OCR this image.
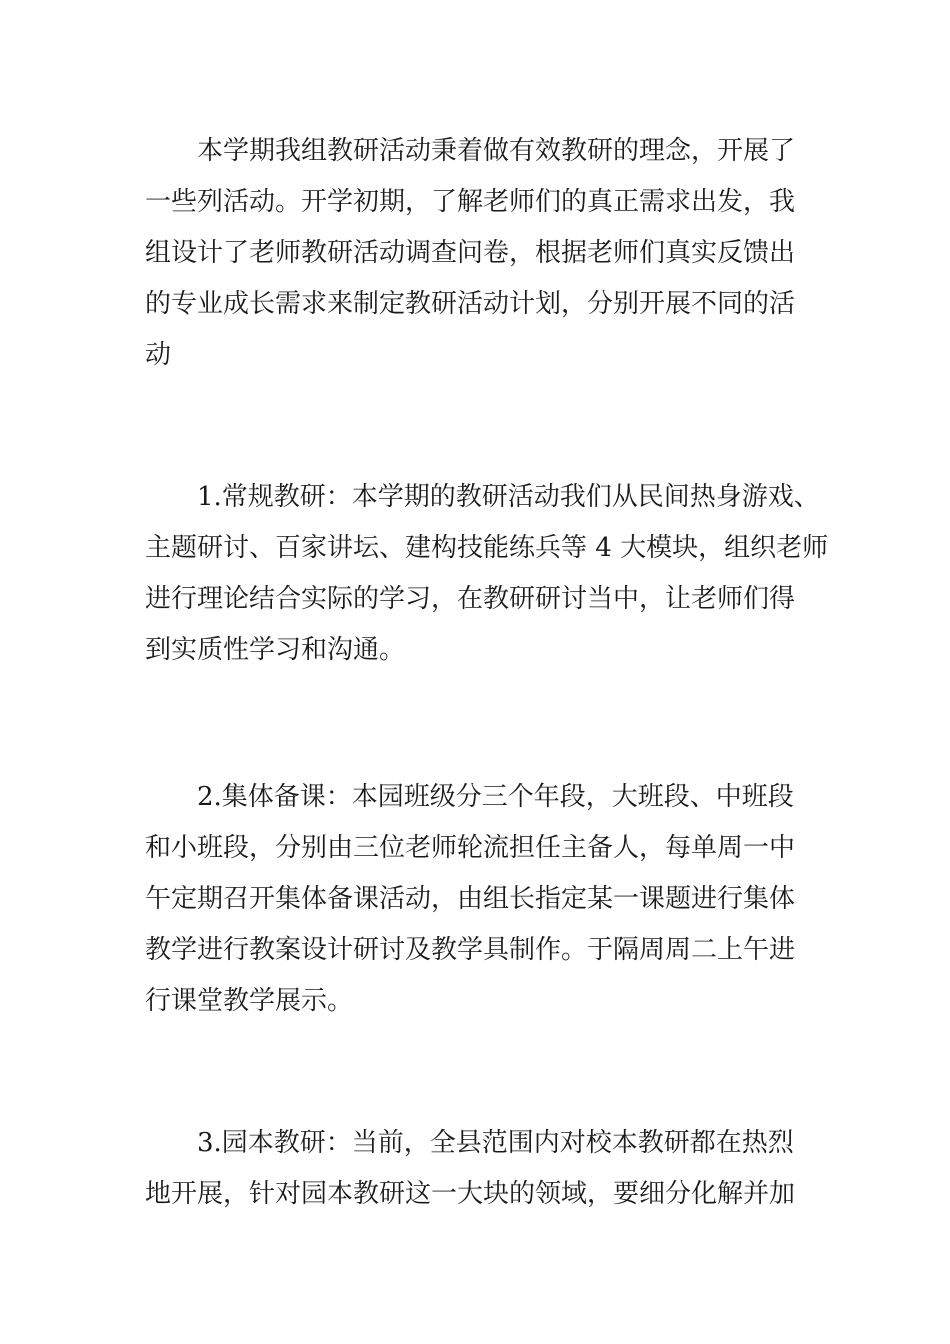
本学期我组教研活动秉着做有效教研的理念，开展了
一些列活动。开学初期，了解老师们的真正需求出发，我
组设计了老师教研活动调查问卷，根据老师们真实反馈出
的专业成长需求来制定教研活动计划，分别开展不同的活
动
1.常规教研：本学期的教研活动我们从民间热身游戏、
主题研讨、百家讲坛、建构技能练兵等 4 大模块，组织老师
进行理论结合实际的学习，在教研研讨当中，让老师们得
到实质性学习和沟通。
2.集体备课：本园班级分三个年段，大班段、中班段
和小班段，分别由三位老师轮流担任主备人，每单周一中
午定期召开集体备课活动，由组长指定某一课题进行集体
教学进行教案设计研讨及教学具制作。于隔周周二上午进
行课堂教学展示。
3.园本教研：当前，全县范围内对校本教研都在热烈
地开展，针对园本教研这一大块的领域，要细分化解并加
